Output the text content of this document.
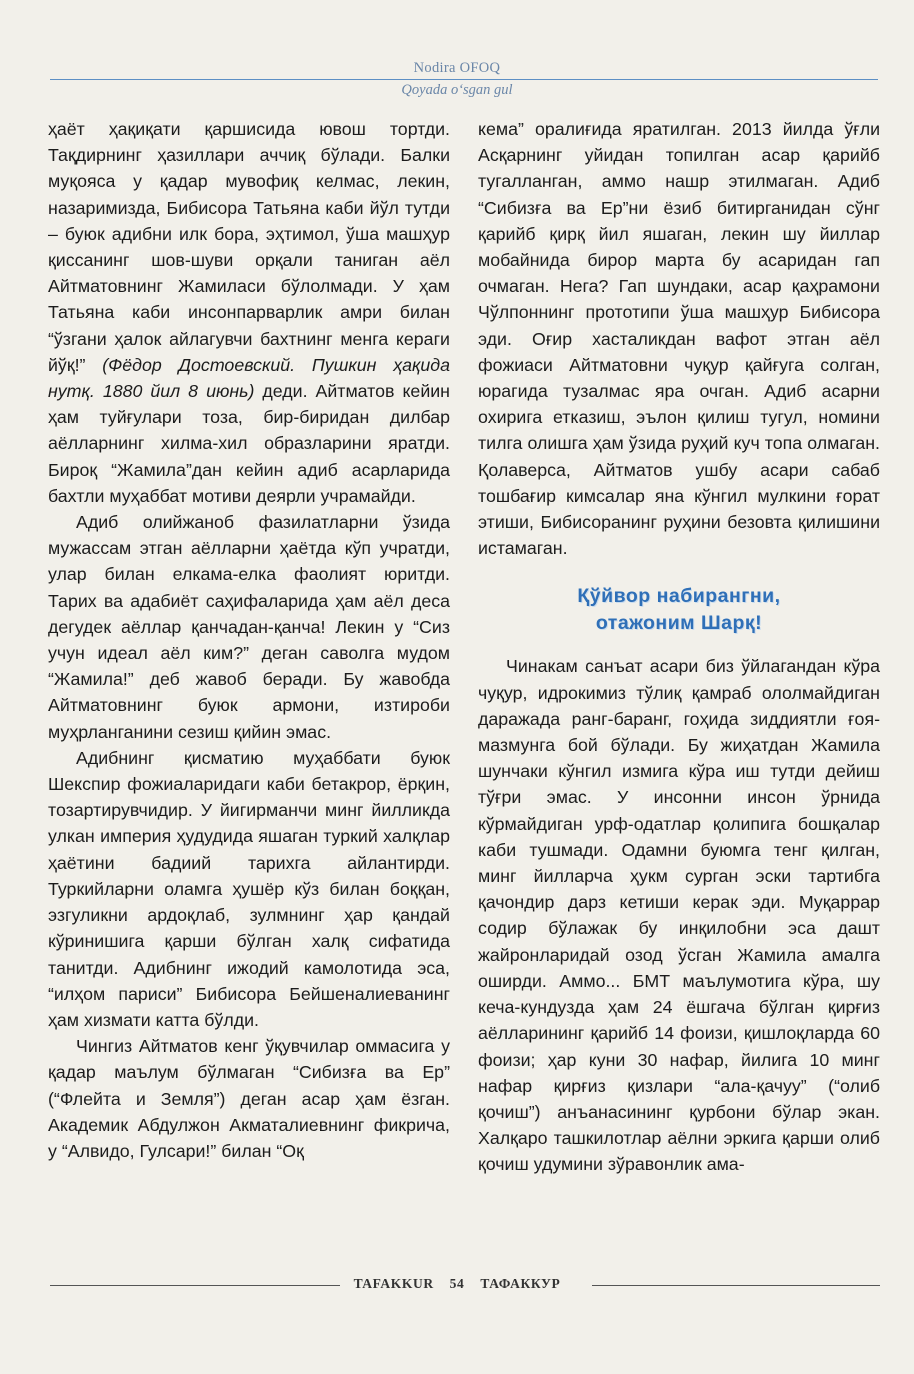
Nodira OFOQ
Qoyada o‘sgan gul

ҳаёт ҳақиқати қаршисида ювош тортди. Тақдирнинг ҳазиллари аччиқ бўлади. Балки муқояса у қадар мувофиқ келмас, лекин, назаримизда, Бибисора Татьяна каби йўл тутди – буюк адибни илк бора, эҳтимол, ўша машҳур қиссанинг шов-шуви орқали таниган аёл Айтматовнинг Жамиласи бўлолмади. У ҳам Татьяна каби инсонпарварлик амри билан “ўзгани ҳалок айлагувчи бахтнинг менга кераги йўқ!” (Фёдор Достоевский. Пушкин ҳақида нутқ. 1880 йил 8 июнь) деди. Айтматов кейин ҳам туйғулари тоза, бир-биридан дилбар аёлларнинг хилма-хил образларини яратди. Бироқ “Жамила”дан кейин адиб асарларида бахтли муҳаббат мотиви деярли учрамайди.

Адиб олийжаноб фазилатларни ўзида мужассам этган аёлларни ҳаётда кўп учратди, улар билан елкама-елка фаолият юритди. Тарих ва адабиёт саҳифаларида ҳам аёл деса дегудек аёллар қанчадан-қанча! Лекин у “Сиз учун идеал аёл ким?” деган саволга мудом “Жамила!” деб жавоб беради. Бу жавобда Айтматовнинг буюк армони, изтироби муҳрланганини сезиш қийин эмас.

Адибнинг қисматию муҳаббати буюк Шекспир фожиаларидаги каби бетакрор, ёрқин, тозартирувчидир. У йигирманчи минг йилликда улкан империя ҳудудида яшаган туркий халқлар ҳаётини бадиий тарихга айлантирди. Туркийларни оламга ҳушёр кўз билан боққан, эзгуликни ардоқлаб, зулмнинг ҳар қандай кўринишига қарши бўлган халқ сифатида танитди. Адибнинг ижодий камолотида эса, “илҳом париси” Бибисора Бейшеналиеванинг ҳам хизмати катта бўлди.

Чингиз Айтматов кенг ўқувчилар оммасига у қадар маълум бўлмаган “Сибизға ва Ер” (“Флейта и Земля”) деган асар ҳам ёзган. Академик Абдулжон Акматалиевнинг фикрича, у “Алвидо, Гулсари!” билан “Оқ

кема” оралиғида яратилган. 2013 йилда ўғли Асқарнинг уйидан топилган асар қарийб тугалланган, аммо нашр этилмаган. Адиб “Сибизға ва Ер”ни ёзиб битирганидан сўнг қарийб қирқ йил яшаган, лекин шу йиллар мобайнида бирор марта бу асаридан гап очмаган. Нега? Гап шундаки, асар қаҳрамони Чўлпоннинг прототипи ўша машҳур Бибисора эди. Оғир хасталикдан вафот этган аёл фожиаси Айтматовни чуқур қайғуга солган, юрагида тузалмас яра очган. Адиб асарни охирига етказиш, эълон қилиш тугул, номини тилга олишга ҳам ўзида руҳий куч топа олмаган. Қолаверса, Айтматов ушбу асари сабаб тошбағир кимсалар яна кўнгил мулкини ғорат этиши, Бибисоранинг руҳини безовта қилишини истамаган.

Қўйвор набирангни,
отажоним Шарқ!

Чинакам санъат асари биз ўйлагандан кўра чуқур, идрокимиз тўлиқ қамраб ололмайдиган даражада ранг-баранг, гоҳида зиддиятли ғоя-мазмунга бой бўлади. Бу жиҳатдан Жамила шунчаки кўнгил измига кўра иш тутди дейиш тўғри эмас. У инсонни инсон ўрнида кўрмайдиган урф-одатлар қолипига бошқалар каби тушмади. Одамни буюмга тенг қилган, минг йилларча ҳукм сурган эски тартибга қачондир дарз кетиши керак эди. Муқаррар содир бўлажак бу инқилобни эса дашт жайронларидай озод ўсган Жамила амалга оширди. Аммо... БМТ маълумотига кўра, шу кеча-кундузда ҳам 24 ёшгача бўлган қирғиз аёлларининг қарийб 14 фоизи, қишлоқларда 60 фоизи; ҳар куни 30 нафар, йилига 10 минг нафар қирғиз қизлари “ала-қачуу” (“олиб қочиш”) анъанасининг қурбони бўлар экан. Халқаро ташкилотлар аёлни эркига қарши олиб қочиш удумини зўравонлик ама-

TAFAKKUR 54 ТАФАККУР
